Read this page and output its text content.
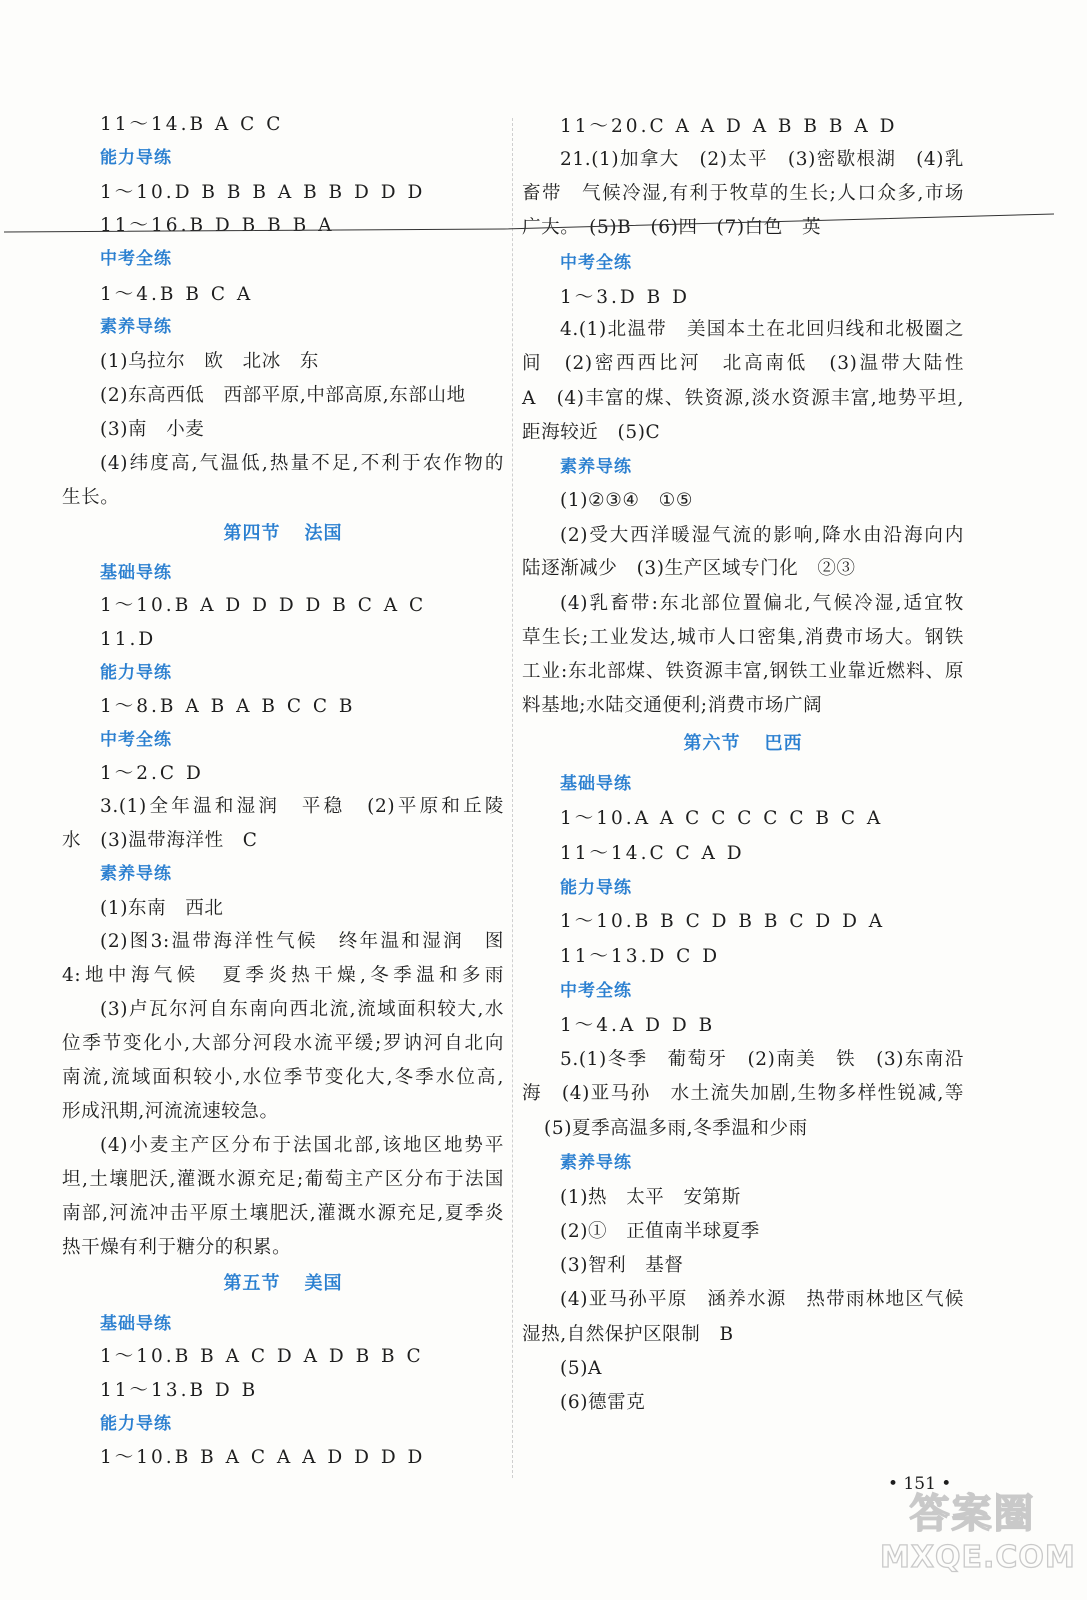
11～14.B A C C
能力导练
1～10.D B B B A B B D D D
11～16.B D B B B A
中考全练
1～4.B B C A
素养导练
(1)乌拉尔　欧　北冰　东
(2)东高西低　西部平原,中部高原,东部山地
(3)南　小麦
(4)纬度高,气温低,热量不足,不利于农作物的
生长。
第四节 法国
基础导练
1～10.B A D D D D B C A C
11.D
能力导练
1～8.B A B A B C C B
中考全练
1～2.C D
3.(1)全年温和湿润　平稳　(2)平原和丘陵
水　(3)温带海洋性　C
素养导练
(1)东南　西北
(2)图3:温带海洋性气候　终年温和湿润　图
4:地中海气候　夏季炎热干燥,冬季温和多雨
(3)卢瓦尔河自东南向西北流,流域面积较大,水
位季节变化小,大部分河段水流平缓;罗讷河自北向
南流,流域面积较小,水位季节变化大,冬季水位高,
形成汛期,河流流速较急。
(4)小麦主产区分布于法国北部,该地区地势平
坦,土壤肥沃,灌溉水源充足;葡萄主产区分布于法国
南部,河流冲击平原土壤肥沃,灌溉水源充足,夏季炎
热干燥有利于糖分的积累。
第五节 美国
基础导练
1～10.B B A C D A D B B C
11～13.B D B
能力导练
1～10.B B A C A A D D D D
11～20.C A A D A B B B A D
21.(1)加拿大　(2)太平　(3)密歇根湖　(4)乳
畜带　气候冷湿,有利于牧草的生长;人口众多,市场
广大。　(5)B　(6)四　(7)白色　英
中考全练
1～3.D B D
4.(1)北温带　美国本土在北回归线和北极圈之
间　(2)密西西比河　北高南低　(3)温带大陆性
A　(4)丰富的煤、铁资源,淡水资源丰富,地势平坦,
距海较近　(5)C
素养导练
(1)②③④　①⑤
(2)受大西洋暖湿气流的影响,降水由沿海向内
陆逐渐减少　(3)生产区域专门化　②③
(4)乳畜带:东北部位置偏北,气候冷湿,适宜牧
草生长;工业发达,城市人口密集,消费市场大。钢铁
工业:东北部煤、铁资源丰富,钢铁工业靠近燃料、原
料基地;水陆交通便利;消费市场广阔
第六节 巴西
基础导练
1～10.A A C C C C C B C A
11～14.C C A D
能力导练
1～10.B B C D B B C D D A
11～13.D C D
中考全练
1～4.A D D B
5.(1)冬季　葡萄牙　(2)南美　铁　(3)东南沿
海　(4)亚马孙　水土流失加剧,生物多样性锐减,等
(5)夏季高温多雨,冬季温和少雨
素养导练
(1)热　太平　安第斯
(2)①　正值南半球夏季
(3)智利　基督
(4)亚马孙平原　涵养水源　热带雨林地区气候
湿热,自然保护区限制　B
(5)A
(6)德雷克
• 151 •
答案圈
MXQE.COM
